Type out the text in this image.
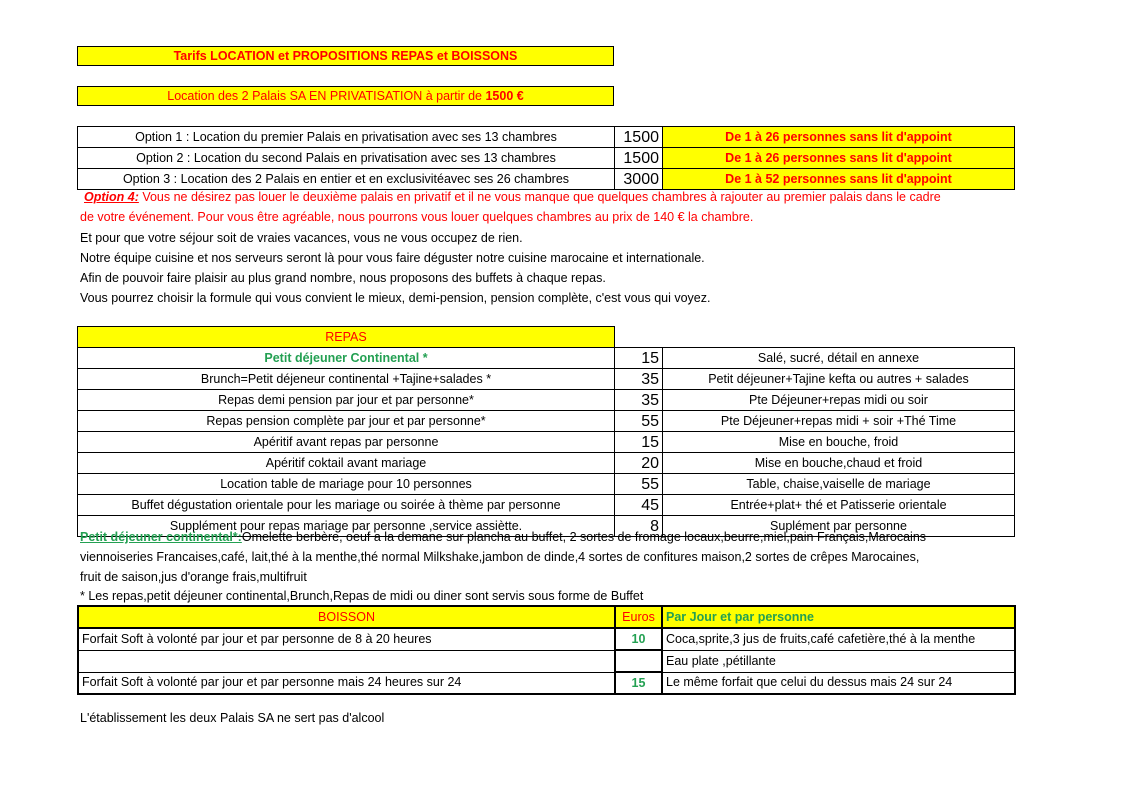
Tarifs LOCATION et PROPOSITIONS REPAS et BOISSONS
Location des 2 Palais SA EN PRIVATISATION à partir de 1500 €
Option 1 : Location du premier Palais en privatisation avec ses 13 chambres	1500	De 1 à 26 personnes sans lit d'appoint
Option 2 : Location du second Palais en privatisation avec ses 13 chambres	1500	De 1 à 26 personnes sans lit d'appoint
Option 3 : Location des 2 Palais en entier et en exclusivitéavec ses 26 chambres	3000	De 1 à 52 personnes sans lit d'appoint
Option 4: Vous ne désirez pas louer le deuxième palais en privatif et il ne vous manque que quelques chambres à rajouter au premier palais dans le cadre
de votre événement. Pour vous être agréable, nous pourrons vous louer quelques chambres au prix de 140 € la chambre.
Et pour que votre séjour soit de vraies vacances, vous ne vous occupez de rien.
Notre équipe cuisine et nos serveurs seront là pour vous faire déguster notre cuisine marocaine et internationale.
Afin de pouvoir faire plaisir au plus grand nombre, nous proposons des buffets à chaque repas.
Vous pourrez choisir la formule qui vous convient le mieux, demi-pension, pension complète, c'est vous qui voyez.
REPAS		
Petit déjeuner Continental *	15	Salé, sucré, détail en annexe
Brunch=Petit déjeneur continental +Tajine+salades *	35	Petit déjeuner+Tajine kefta ou autres + salades
Repas demi pension par jour et par personne*	35	Pte Déjeuner+repas midi ou soir
Repas pension complète par jour et par personne*	55	Pte Déjeuner+repas midi + soir +Thé Time
Apéritif avant repas par personne	15	Mise en bouche, froid
Apéritif coktail avant mariage	20	Mise en bouche,chaud et froid
Location table de mariage pour 10 personnes	55	Table, chaise,vaiselle de mariage
Buffet dégustation orientale pour les mariage ou soirée à thème par personne	45	Entrée+plat+ thé et Patisserie orientale
Supplément pour repas mariage par personne ,service assiètte.	8	Suplément par personne
Petit déjeuner continental*:Omelette berbère, oeuf a la demane sur plancha au buffet, 2 sortes de fromage locaux,beurre,miel,pain Français,Marocains
viennoiseries Francaises,café, lait,thé à la menthe,thé normal Milkshake,jambon de dinde,4 sortes de confitures maison,2 sortes de crêpes Marocaines,
fruit de saison,jus d'orange frais,multifruit
* Les repas,petit déjeuner continental,Brunch,Repas de midi ou diner sont servis sous forme de Buffet
BOISSON	Euros	Par Jour et par personne
Forfait Soft à volonté par jour et par personne de 8 à 20 heures	10	Coca,sprite,3 jus de fruits,café cafetière,thé à la menthe
		Eau plate ,pétillante
Forfait Soft à volonté par jour et par personne mais 24 heures sur 24	15	Le même forfait que celui du dessus mais 24 sur 24
L'établissement les deux Palais SA ne sert pas d'alcool
